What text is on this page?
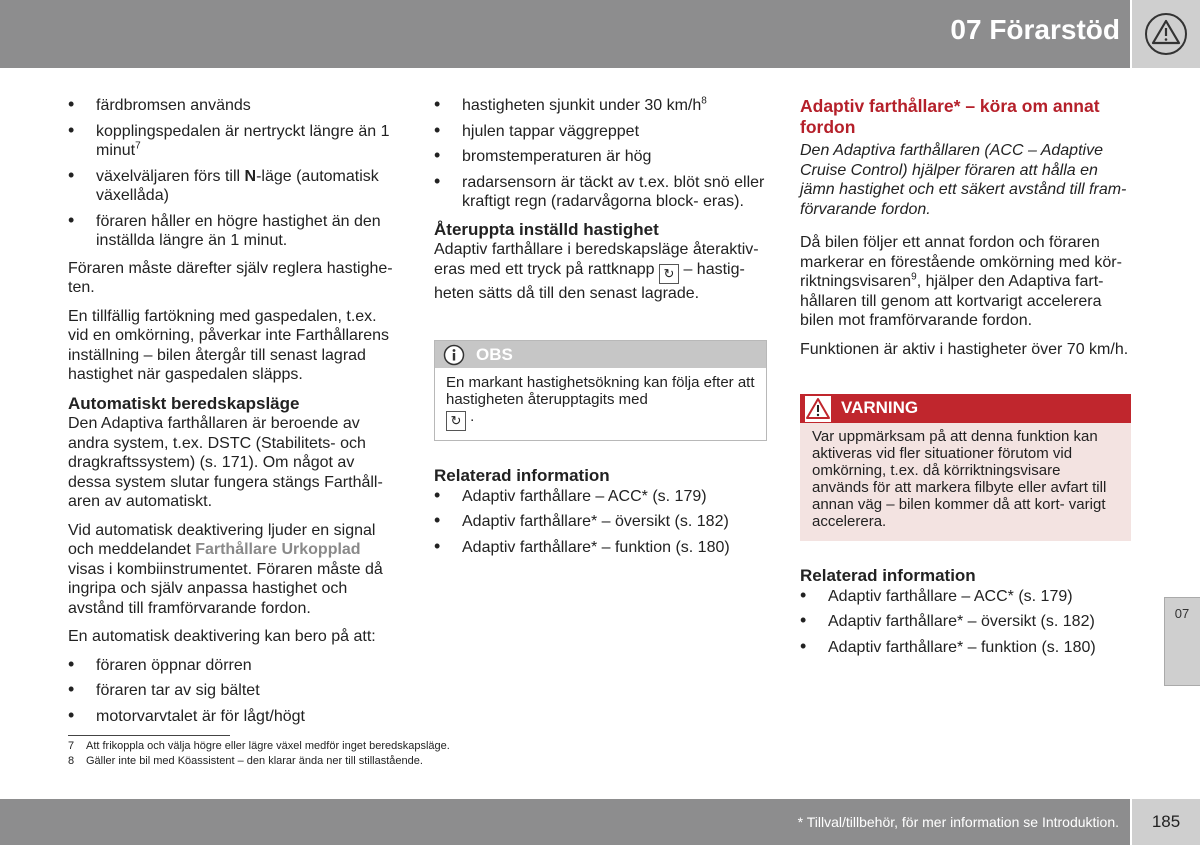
07 Förarstöd
• färdbromsen används
• kopplingspedalen är nertryckt längre än 1 minut$^7$
• växelväljaren förs till N-läge (automatisk växellåda)
• föraren håller en högre hastighet än den inställda längre än 1 minut.

Föraren måste därefter själv reglera hastighe- ten.

En tillfällig fartökning med gaspedalen, t.ex. vid en omkörning, påverkar inte Farthållarens inställning – bilen återgår till senast lagrad hastighet när gaspedalen släpps.

Automatiskt beredskapsläge

Den Adaptiva farthållaren är beroende av andra system, t.ex. DSTC (Stabilitets- och dragkraftssystem) (s. 171). Om något av dessa system slutar fungera stängs Farthåll- aren av automatiskt.

Vid automatisk deaktivering ljuder en signal och meddelandet Farthållare Urkopplad visas i kombiinstrumentet. Föraren måste då ingripa och själv anpassa hastighet och avstånd till framförvarande fordon.

En automatisk deaktivering kan bero på att:

• föraren öppnar dörren
• föraren tar av sig bältet
• motorvarvtalet är för lågt/högt
• hastigheten sjunkit under 30 $km/h^8$
• hjulen tappar väggreppet
• bromstemperaturen är hög
• radarsensorn är täckt av t.ex. blöt snö eller kraftigt regn (radarvågorna block- eras).
Återuppta inställd hastighet

Adaptiv farthållare i beredskapsläge återaktiv- eras med ett tryck på rattknapp ↻ – hastig- heten sätts då till den senast lagrade.

OBS
En markant hastighetsökning kan följa efter att hastigheten återupptagits med
↻ .
Relaterad information
• Adaptiv farthållare – ACC* (s. 179)
• Adaptiv farthållare* – översikt (s. 182)
• Adaptiv farthållare* – funktion (s. 180)
Adaptiv farthållare* – köra om annat fordon

Den Adaptiva farthållaren (ACC – Adaptive Cruise Control) hjälper föraren att hålla en jämn hastighet och ett säkert avstånd till fram- förvarande fordon.

Då bilen följer ett annat fordon och föraren markerar en förestående omkörning med kör- riktningsvisaren$^9$, hjälper den Adaptiva fart- hållaren till genom att kortvarigt accelerera bilen mot framförvarande fordon.

Funktionen är aktiv i hastigheter över 70 km/h.

VARNING
Var uppmärksam på att denna funktion kan aktiveras vid fler situationer förutom vid omkörning, t.ex. då körriktningsvisare används för att markera filbyte eller avfart till annan väg – bilen kommer då att kort- varigt accelerera.
Relaterad information
• Adaptiv farthållare – ACC* (s. 179)
• Adaptiv farthållare* – översikt (s. 182)
• Adaptiv farthållare* – funktion (s. 180)
07
7 Att frikoppla och välja högre eller lägre växel medför inget beredskapsläge.
8 Gäller inte bil med Köassistent – den klarar ända ner till stillastående.
* Tillval/tillbehör, för mer information se Introduktion.	185
